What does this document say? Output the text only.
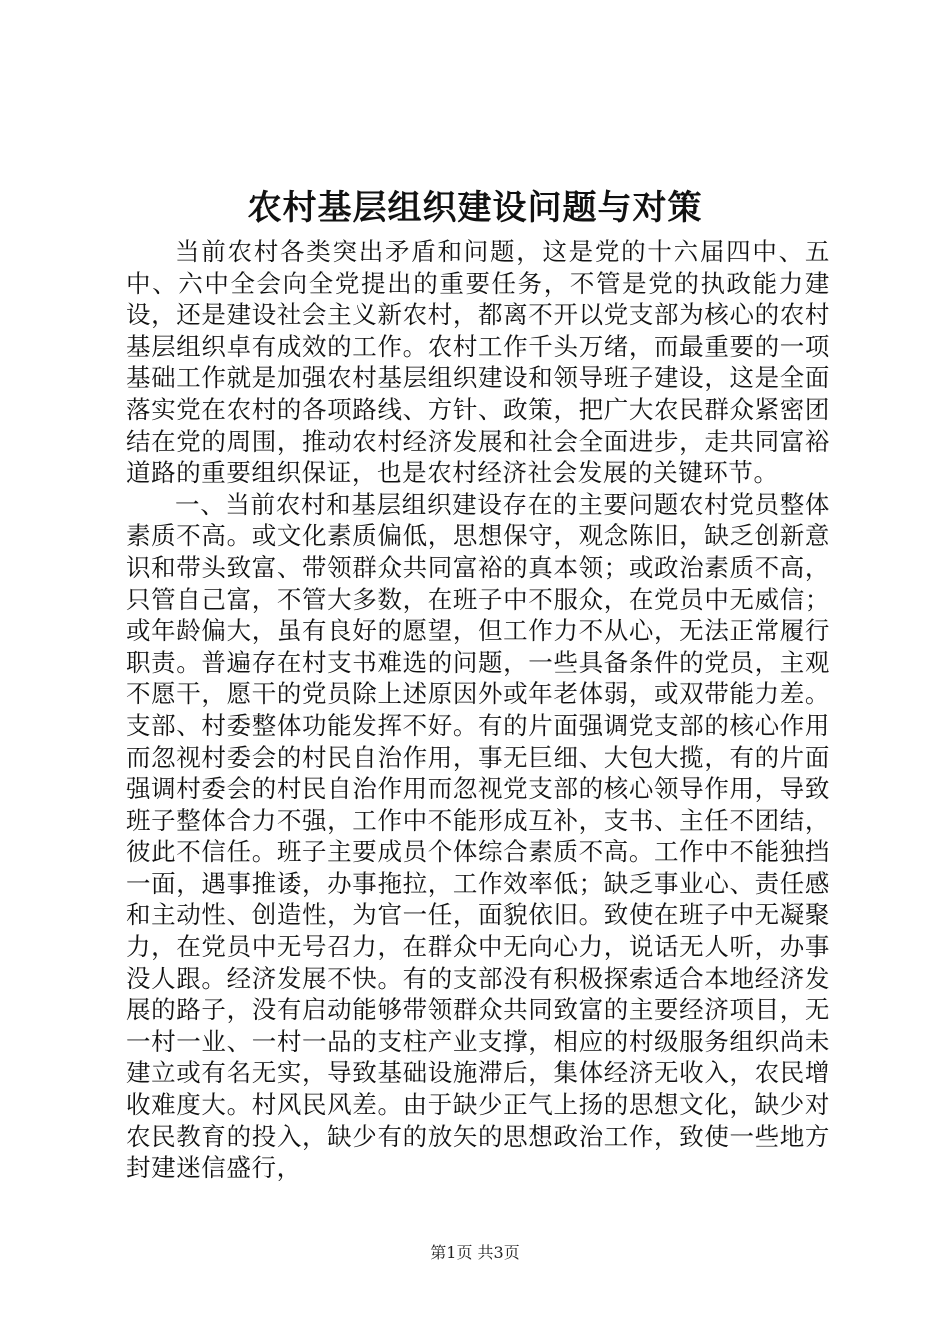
农村基层组织建设问题与对策

当前农村各类突出矛盾和问题，这是党的十六届四中、五中、六中全会向全党提出的重要任务，不管是党的执政能力建设，还是建设社会主义新农村，都离不开以党支部为核心的农村基层组织卓有成效的工作。农村工作千头万绪，而最重要的一项基础工作就是加强农村基层组织建设和领导班子建设，这是全面落实党在农村的各项路线、方针、政策，把广大农民群众紧密团结在党的周围，推动农村经济发展和社会全面进步，走共同富裕道路的重要组织保证，也是农村经济社会发展的关键环节。

一、当前农村和基层组织建设存在的主要问题农村党员整体素质不高。或文化素质偏低，思想保守，观念陈旧，缺乏创新意识和带头致富、带领群众共同富裕的真本领；或政治素质不高，只管自己富，不管大多数，在班子中不服众，在党员中无威信；或年龄偏大，虽有良好的愿望，但工作力不从心，无法正常履行职责。普遍存在村支书难选的问题，一些具备条件的党员，主观不愿干，愿干的党员除上述原因外或年老体弱，或双带能力差。支部、村委整体功能发挥不好。有的片面强调党支部的核心作用而忽视村委会的村民自治作用，事无巨细、大包大揽，有的片面强调村委会的村民自治作用而忽视党支部的核心领导作用，导致班子整体合力不强，工作中不能形成互补，支书、主任不团结，彼此不信任。班子主要成员个体综合素质不高。工作中不能独挡一面，遇事推诿，办事拖拉，工作效率低；缺乏事业心、责任感和主动性、创造性，为官一任，面貌依旧。致使在班子中无凝聚力，在党员中无号召力，在群众中无向心力，说话无人听，办事没人跟。经济发展不快。有的支部没有积极探索适合本地经济发展的路子，没有启动能够带领群众共同致富的主要经济项目，无一村一业、一村一品的支柱产业支撑，相应的村级服务组织尚未建立或有名无实，导致基础设施滞后，集体经济无收入，农民增收难度大。村风民风差。由于缺少正气上扬的思想文化，缺少对农民教育的投入，缺少有的放矢的思想政治工作，致使一些地方封建迷信盛行，

第1页 共3页
